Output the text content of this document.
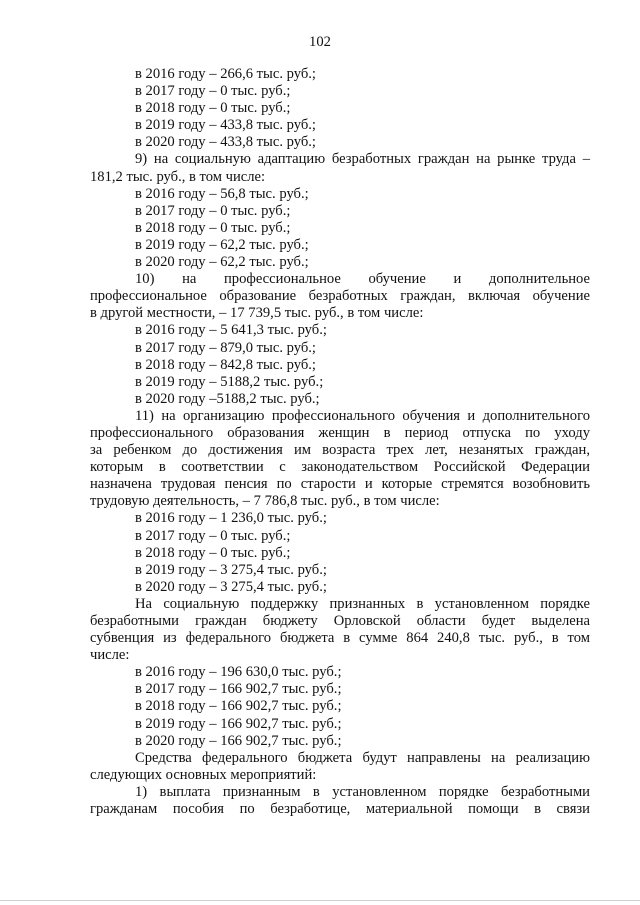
102
в 2016 году – 266,6 тыс. руб.;
в 2017 году – 0 тыс. руб.;
в 2018 году – 0 тыс. руб.;
в 2019 году – 433,8 тыс. руб.;
в 2020 году – 433,8 тыс. руб.;
9) на социальную адаптацию безработных граждан на рынке труда –
181,2 тыс. руб., в том числе:
в 2016 году – 56,8 тыс. руб.;
в 2017 году – 0 тыс. руб.;
в 2018 году – 0 тыс. руб.;
в 2019 году – 62,2 тыс. руб.;
в 2020 году – 62,2 тыс. руб.;
10) на профессиональное обучение и дополнительное
профессиональное образование безработных граждан, включая обучение
в другой местности, – 17 739,5 тыс. руб., в том числе:
в 2016 году – 5 641,3 тыс. руб.;
в 2017 году – 879,0 тыс. руб.;
в 2018 году – 842,8 тыс. руб.;
в 2019 году – 5188,2 тыс. руб.;
в 2020 году –5188,2 тыс. руб.;
11) на организацию профессионального обучения и дополнительного
профессионального образования женщин в период отпуска по уходу
за ребенком до достижения им возраста трех лет, незанятых граждан,
которым в соответствии с законодательством Российской Федерации
назначена трудовая пенсия по старости и которые стремятся возобновить
трудовую деятельность, – 7 786,8 тыс. руб., в том числе:
в 2016 году – 1 236,0 тыс. руб.;
в 2017 году – 0 тыс. руб.;
в 2018 году – 0 тыс. руб.;
в 2019 году – 3 275,4 тыс. руб.;
в 2020 году – 3 275,4 тыс. руб.;
На социальную поддержку признанных в установленном порядке
безработными граждан бюджету Орловской области будет выделена
субвенция из федерального бюджета в сумме 864 240,8 тыс. руб., в том
числе:
в 2016 году – 196 630,0 тыс. руб.;
в 2017 году – 166 902,7 тыс. руб.;
в 2018 году – 166 902,7 тыс. руб.;
в 2019 году – 166 902,7 тыс. руб.;
в 2020 году – 166 902,7 тыс. руб.;
Средства федерального бюджета будут направлены на реализацию
следующих основных мероприятий:
1) выплата признанным в установленном порядке безработными
гражданам пособия по безработице, материальной помощи в связи
